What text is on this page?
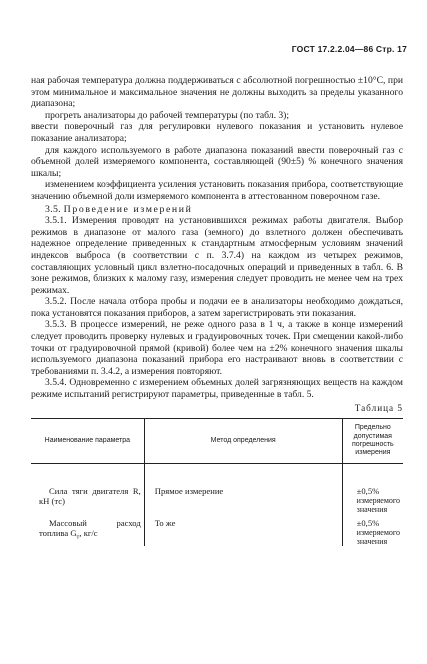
ГОСТ 17.2.2.04—86 Стр. 17

ная рабочая температура должна поддерживаться с абсолютной погрешностью ±10°С, при этом минимальное и максимальное значения не должны выходить за пределы указанного диапазона;

прогреть анализаторы до рабочей температуры (по табл. 3);

ввести поверочный газ для регулировки нулевого показания и установить нулевое показание анализатора;

для каждого используемого в работе диапазона показаний ввести поверочный газ с объемной долей измеряемого компонента, составляющей (90±5) % конечного значения шкалы;

изменением коэффициента усиления установить показания прибора, соответствующие значению объемной доли измеряемого компонента в аттестованном поверочном газе.

3.5. Проведение измерений

3.5.1. Измерения проводят на установившихся режимах работы двигателя. Выбор режимов в диапазоне от малого газа (земного) до взлетного должен обеспечивать надежное определение приведенных к стандартным атмосферным условиям значений индексов выброса (в соответствии с п. 3.7.4) на каждом из четырех режимов, составляющих условный цикл взлетно-посадочных операций и приведенных в табл. 6. В зоне режимов, близких к малому газу, измерения следует проводить не менее чем на трех режимах.

3.5.2. После начала отбора пробы и подачи ее в анализаторы необходимо дождаться, пока установятся показания приборов, а затем зарегистрировать эти показания.

3.5.3. В процессе измерений, не реже одного раза в 1 ч, а также в конце измерений следует проводить проверку нулевых и градуировочных точек. При смещении какой-либо точки от градуировочной прямой (кривой) более чем на ±2% конечного значения шкалы используемого диапазона показаний прибора его настраивают вновь в соответствии с требованиями п. 3.4.2, а измерения повторяют.

3.5.4. Одновременно с измерением объемных долей загрязняющих веществ на каждом режиме испытаний регистрируют параметры, приведенные в табл. 5.

Таблица 5
Наименование параметра	Метод определения	Предельно допустимая погрешность измерения

Сила тяги двигателя R, кН (тс)	Прямое измерение	±0,5%
измеряемого значения

Массовый расход топлива $G_т$, кг/с	То же	±0,5%
измеряемого значения
